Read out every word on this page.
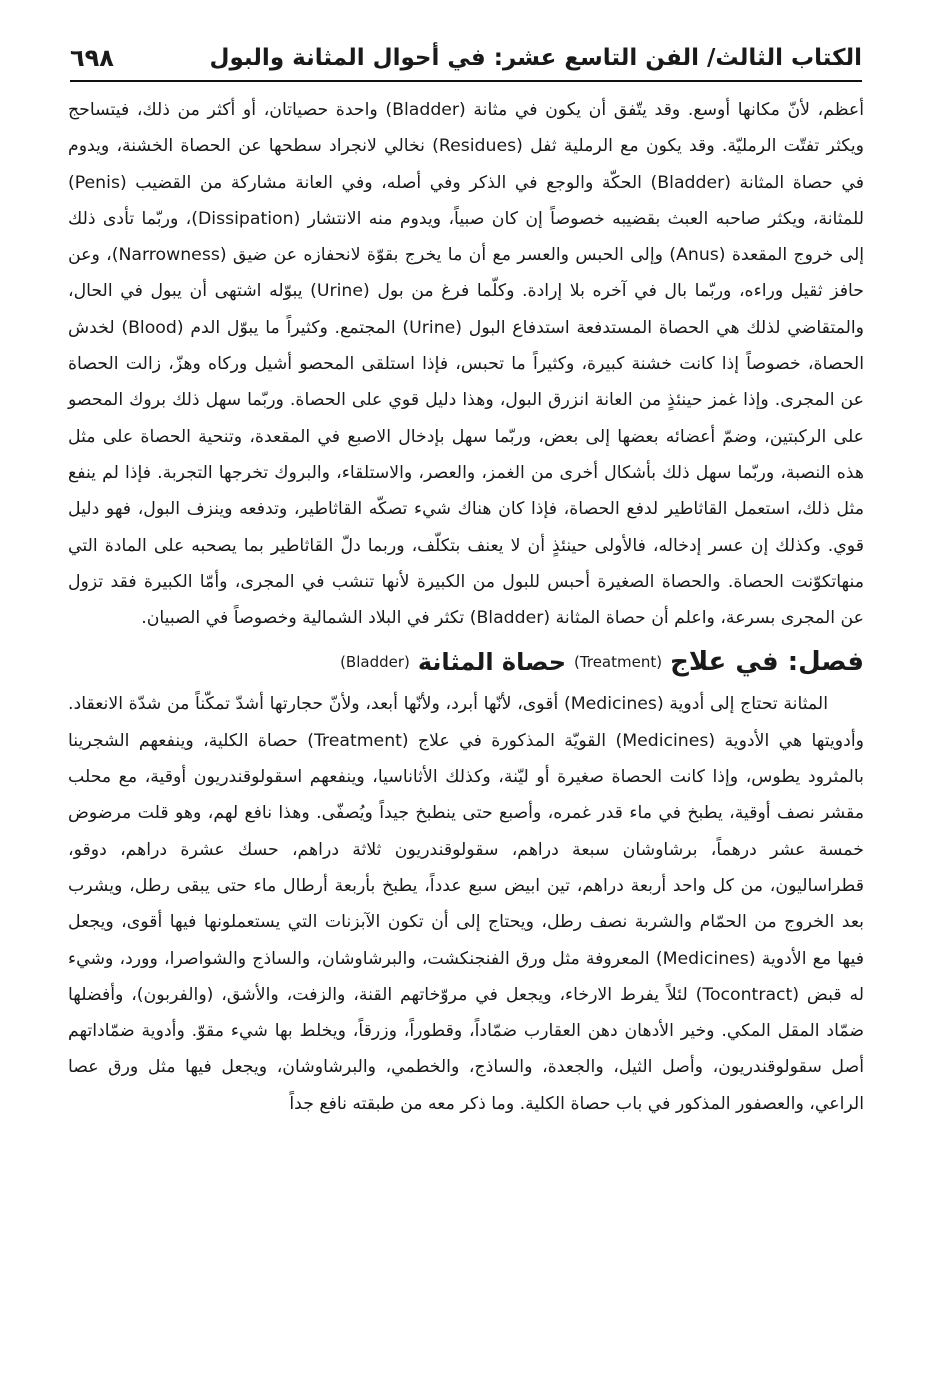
الكتاب الثالث/ الفن التاسع عشر: في أحوال المثانة والبول
٦٩٨

أعظم، لأنّ مكانها أوسع. وقد يتّفق أن يكون في مثانة (Bladder) واحدة حصياتان، أو أكثر من ذلك، فيتساحج ويكثر تفتّت الرمليّة. وقد يكون مع الرملية ثفل (Residues) نخالي لانجراد سطحها عن الحصاة الخشنة، ويدوم في حصاة المثانة (Bladder) الحكّة والوجع في الذكر وفي أصله، وفي العانة مشاركة من القضيب (Penis) للمثانة، ويكثر صاحبه العبث بقضيبه خصوصاً إن كان صبياً، ويدوم منه الانتشار (Dissipation)، وربّما تأدى ذلك إلى خروج المقعدة (Anus) وإلى الحبس والعسر مع أن ما يخرج بقوّة لانحفازه عن ضيق (Narrowness)، وعن حافز ثقيل وراءه، وربّما بال في آخره بلا إرادة. وكلّما فرغ من بول (Urine) يبوّله اشتهى أن يبول في الحال، والمتقاضي لذلك هي الحصاة المستدفعة استدفاع البول (Urine) المجتمع. وكثيراً ما يبوّل الدم (Blood) لخدش الحصاة، خصوصاً إذا كانت خشنة كبيرة، وكثيراً ما تحبس، فإذا استلقى المحصو أشيل وركاه وهزّ، زالت الحصاة عن المجرى. وإذا غمز حينئذٍ من العانة انزرق البول، وهذا دليل قوي على الحصاة. وربّما سهل ذلك بروك المحصو على الركبتين، وضمّ أعضائه بعضها إلى بعض، وربّما سهل بإدخال الاصبع في المقعدة، وتنحية الحصاة على مثل هذه النصبة، وربّما سهل ذلك بأشكال أخرى من الغمز، والعصر، والاستلقاء، والبروك تخرجها التجربة. فإذا لم ينفع مثل ذلك، استعمل القاثاطير لدفع الحصاة، فإذا كان هناك شيء تصكّه القاثاطير، وتدفعه وينزف البول، فهو دليل قوي. وكذلك إن عسر إدخاله، فالأولى حينئذٍ أن لا يعنف بتكلّف، وربما دلّ القاثاطير بما يصحبه على المادة التي منهاتكوّنت الحصاة. والحصاة الصغيرة أحبس للبول من الكبيرة لأنها تنشب في المجرى، وأمّا الكبيرة فقد تزول عن المجرى بسرعة، واعلم أن حصاة المثانة (Bladder) تكثر في البلاد الشمالية وخصوصاً في الصبيان.

فصل: في علاج
(Treatment)
حصاة المثانة
(Bladder)

المثانة تحتاج إلى أدوية (Medicines) أقوى، لأنّها أبرد، ولأنّها أبعد، ولأنّ حجارتها أشدّ تمكّناً من شدّة الانعقاد. وأدويتها هي الأدوية (Medicines) القويّة المذكورة في علاج (Treatment) حصاة الكلية، وينفعهم الشجرينا بالمثرود يطوس، وإذا كانت الحصاة صغيرة أو ليّنة، وكذلك الأثاناسيا، وينفعهم اسقولوقندريون أوقية، مع محلب مقشر نصف أوقية، يطبخ في ماء قدر غمره، وأصبع حتى ينطبخ جيداً ويُصفّى. وهذا نافع لهم، وهو قلت مرضوض خمسة عشر درهماً، برشاوشان سبعة دراهم، سقولوقندريون ثلاثة دراهم، حسك عشرة دراهم، دوقو، قطراساليون، من كل واحد أربعة دراهم، تين ابيض سبع عدداً، يطبخ بأربعة أرطال ماء حتى يبقى رطل، ويشرب بعد الخروج من الحمّام والشربة نصف رطل، ويحتاج إلى أن تكون الآبزنات التي يستعملونها فيها أقوى، ويجعل فيها مع الأدوية (Medicines) المعروفة مثل ورق الفنجنكشت، والبرشاوشان، والساذج والشواصرا، وورد، وشيء له قبض (Tocontract) لئلاً يفرط الارخاء، ويجعل في مروّخاتهم القنة، والزفت، والأشق، (والفربون)، وأفضلها ضمّاد المقل المكي. وخير الأدهان دهن العقارب ضمّاداً، وقطوراً، وزرقاً، ويخلط بها شيء مقوّ. وأدوية ضمّاداتهم أصل سقولوقندريون، وأصل الثيل، والجعدة، والساذج، والخطمي، والبرشاوشان، ويجعل فيها مثل ورق عصا الراعي، والعصفور المذكور في باب حصاة الكلية. وما ذكر معه من طبقته نافع جداً
